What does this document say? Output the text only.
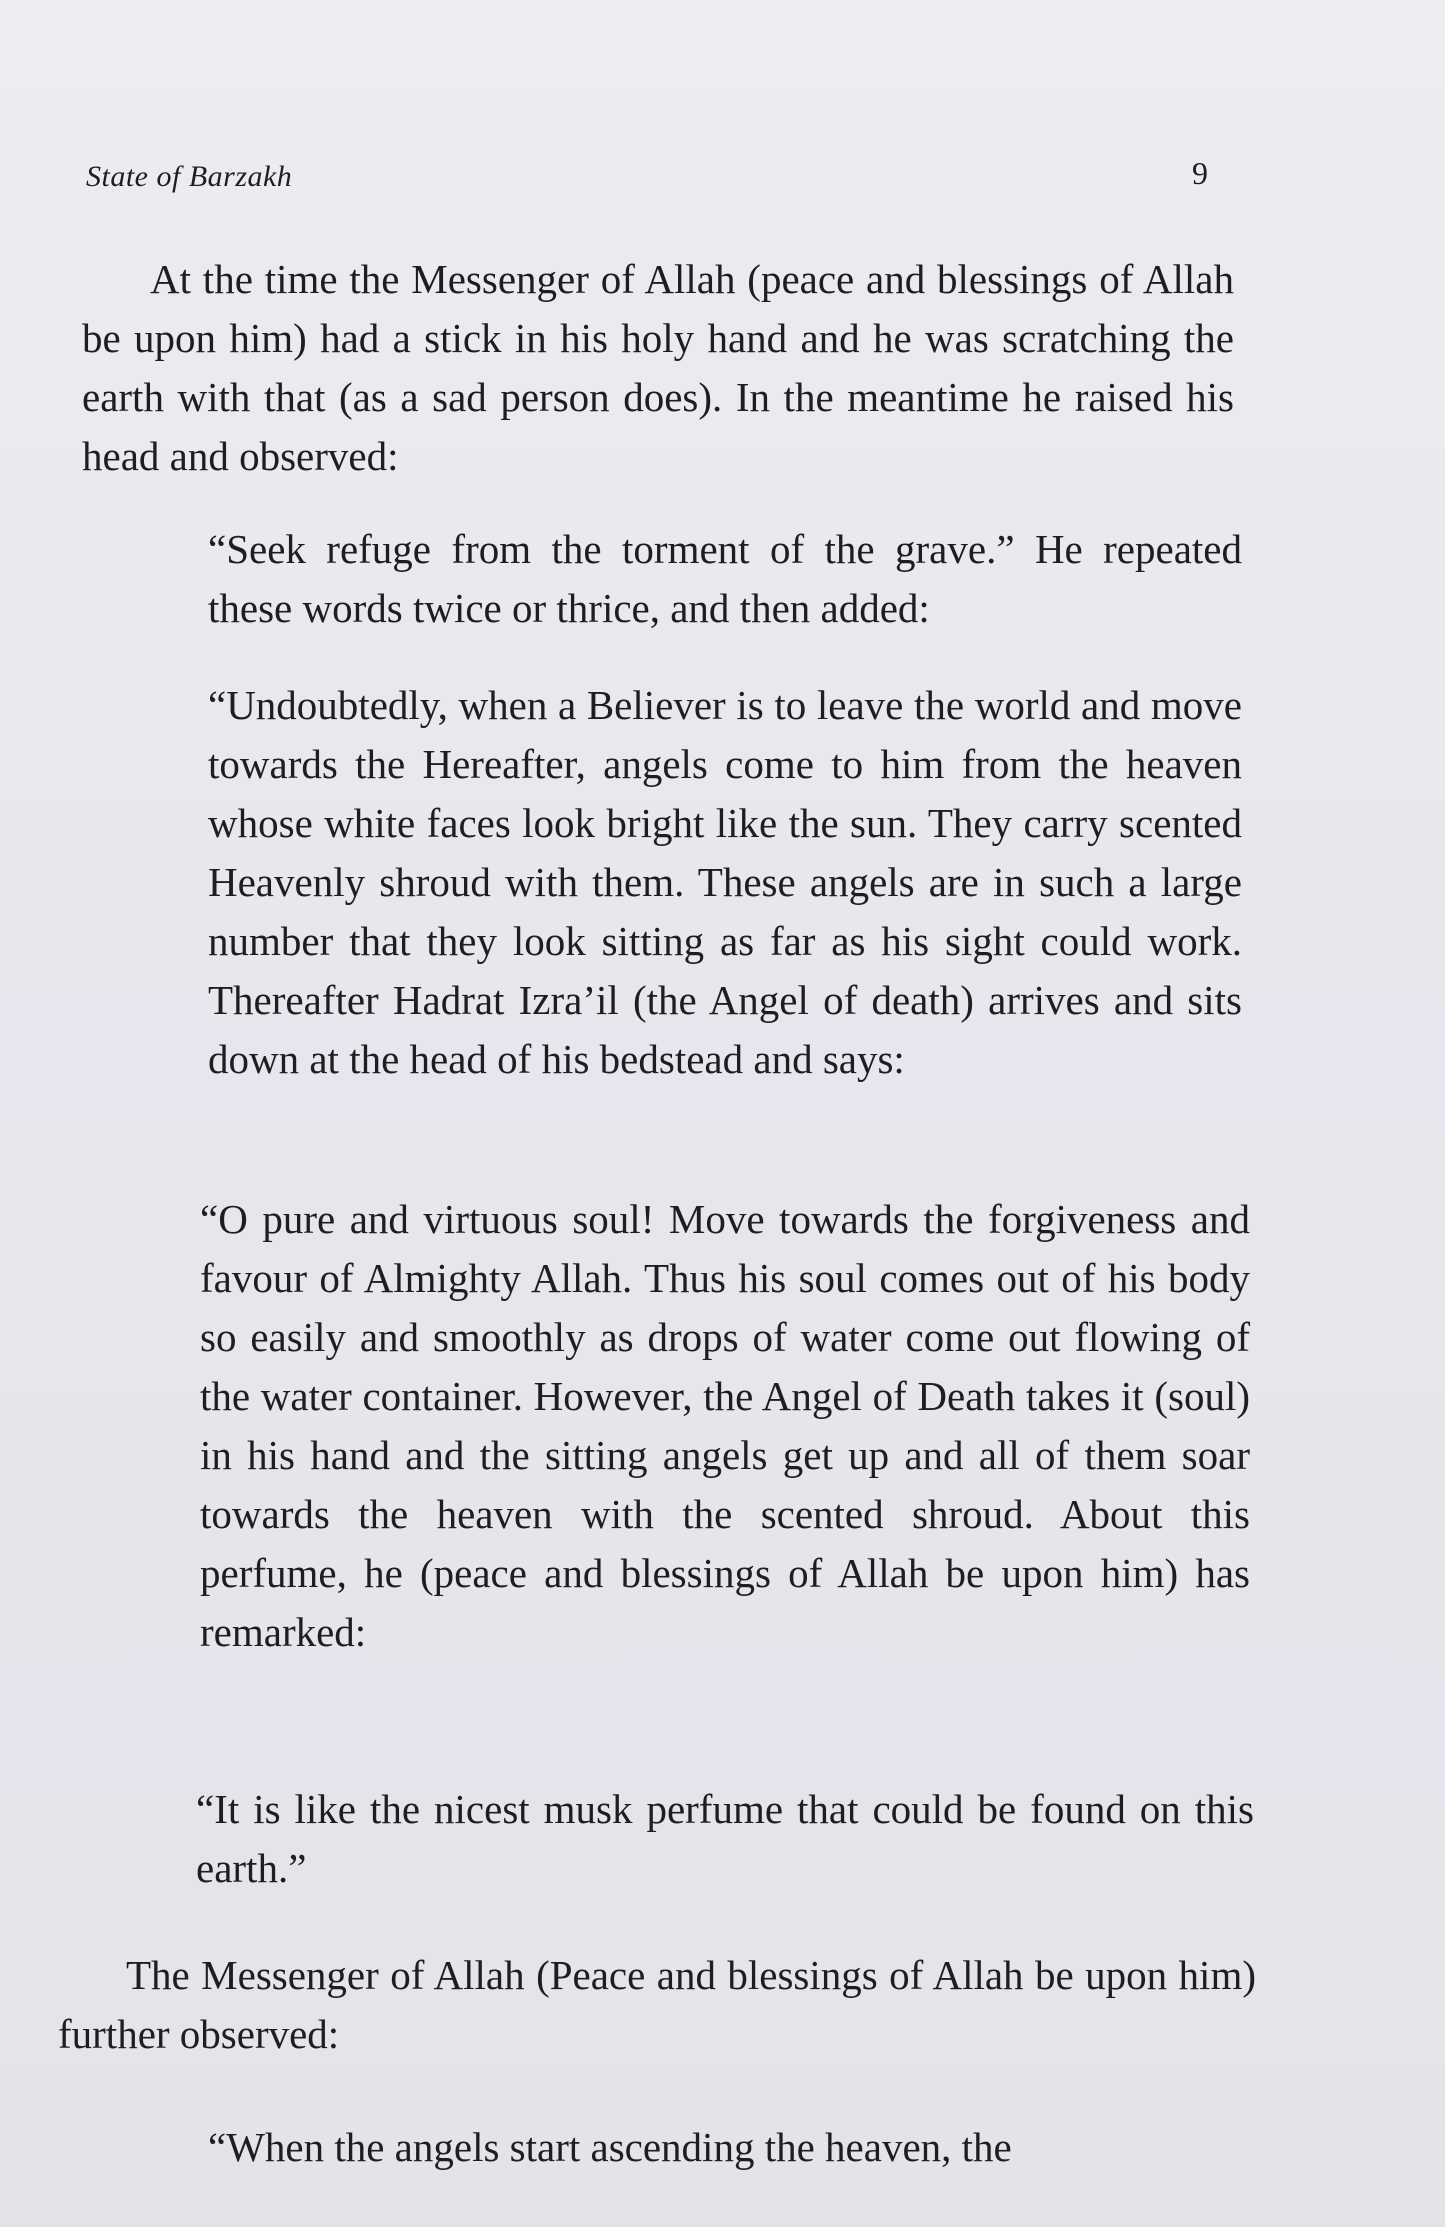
State of Barzakh	9

At the time the Messenger of Allah (peace and blessings of Allah be upon him) had a stick in his holy hand and he was scratching the earth with that (as a sad person does). In the meantime he raised his head and observed:

“Seek refuge from the torment of the grave.” He repeated these words twice or thrice, and then added:

“Undoubtedly, when a Believer is to leave the world and move towards the Hereafter, angels come to him from the heaven whose white faces look bright like the sun. They carry scented Heavenly shroud with them. These angels are in such a large number that they look sitting as far as his sight could work. Thereafter Hadrat Izra’il (the Angel of death) arrives and sits down at the head of his bedstead and says:

“O pure and virtuous soul! Move towards the forgiveness and favour of Almighty Allah. Thus his soul comes out of his body so easily and smoothly as drops of water come out flowing of the water container. However, the Angel of Death takes it (soul) in his hand and the sitting angels get up and all of them soar towards the heaven with the scented shroud. About this perfume, he (peace and blessings of Allah be upon him) has remarked:

“It is like the nicest musk perfume that could be found on this earth.”

The Messenger of Allah (Peace and blessings of Allah be upon him) further observed:

“When the angels start ascending the heaven, the
